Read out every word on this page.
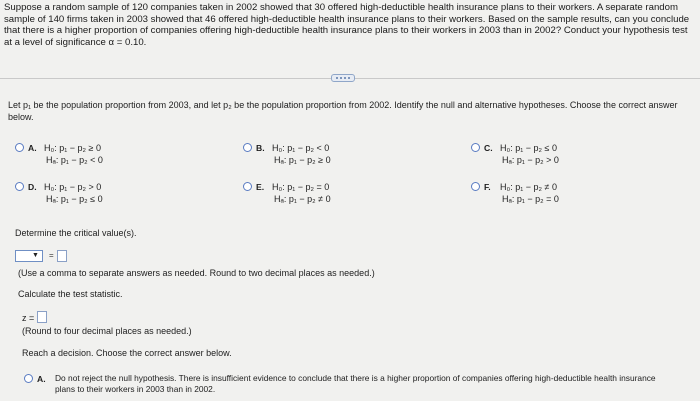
Suppose a random sample of 120 companies taken in 2002 showed that 30 offered high-deductible health insurance plans to their workers. A separate random sample of 140 firms taken in 2003 showed that 46 offered high-deductible health insurance plans to their workers. Based on the sample results, can you conclude that there is a higher proportion of companies offering high-deductible health insurance plans to their workers in 2003 than in 2002? Conduct your hypothesis test at a level of significance α = 0.10.
Let p₁ be the population proportion from 2003, and let p₂ be the population proportion from 2002. Identify the null and alternative hypotheses. Choose the correct answer below.
A. H₀: p₁ − p₂ ≥ 0
Hₐ: p₁ − p₂ < 0
B. H₀: p₁ − p₂ < 0
Hₐ: p₁ − p₂ ≥ 0
C. H₀: p₁ − p₂ ≤ 0
Hₐ: p₁ − p₂ > 0
D. H₀: p₁ − p₂ > 0
Hₐ: p₁ − p₂ ≤ 0
E. H₀: p₁ − p₂ = 0
Hₐ: p₁ − p₂ ≠ 0
F. H₀: p₁ − p₂ ≠ 0
Hₐ: p₁ − p₂ = 0
Determine the critical value(s).
▼ =
(Use a comma to separate answers as needed. Round to two decimal places as needed.)
Calculate the test statistic.
z =
(Round to four decimal places as needed.)
Reach a decision. Choose the correct answer below.
A. Do not reject the null hypothesis. There is insufficient evidence to conclude that there is a higher proportion of companies offering high-deductible health insurance plans to their workers in 2003 than in 2002.
